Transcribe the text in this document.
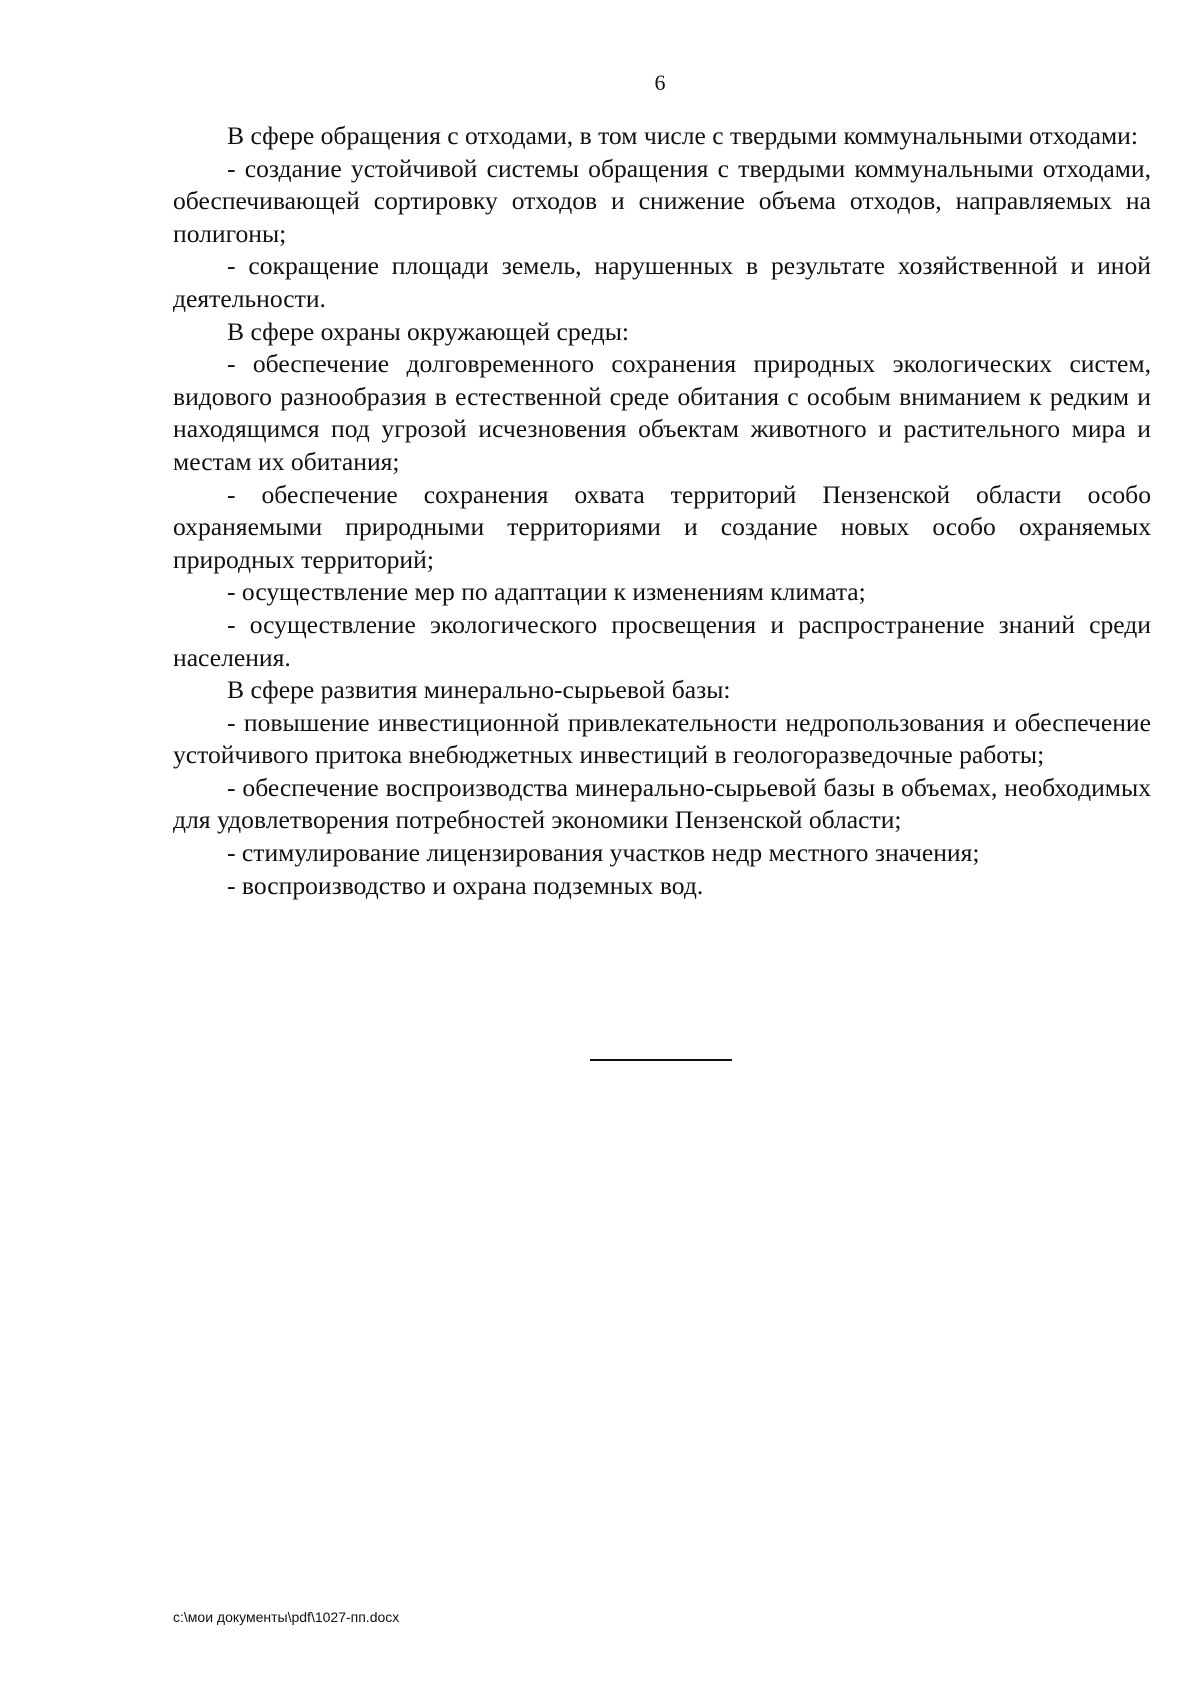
6

В сфере обращения с отходами, в том числе с твердыми коммунальными отходами:

- создание устойчивой системы обращения с твердыми коммунальными отходами, обеспечивающей сортировку отходов и снижение объема отходов, направляемых на полигоны;

- сокращение площади земель, нарушенных в результате хозяйственной и иной деятельности.

В сфере охраны окружающей среды:

- обеспечение долговременного сохранения природных экологических систем, видового разнообразия в естественной среде обитания с особым вниманием к редким и находящимся под угрозой исчезновения объектам животного и растительного мира и местам их обитания;

- обеспечение сохранения охвата территорий Пензенской области особо охраняемыми природными территориями и создание новых особо охраняемых природных территорий;

- осуществление мер по адаптации к изменениям климата;

- осуществление экологического просвещения и распространение знаний среди населения.

В сфере развития минерально-сырьевой базы:

- повышение инвестиционной привлекательности недропользования и обеспечение устойчивого притока внебюджетных инвестиций в геологоразведочные работы;

- обеспечение воспроизводства минерально-сырьевой базы в объемах, необходимых для удовлетворения потребностей экономики Пензенской области;

- стимулирование лицензирования участков недр местного значения;

- воспроизводство и охрана подземных вод.

c:\мои документы\pdf\1027-пп.docx
